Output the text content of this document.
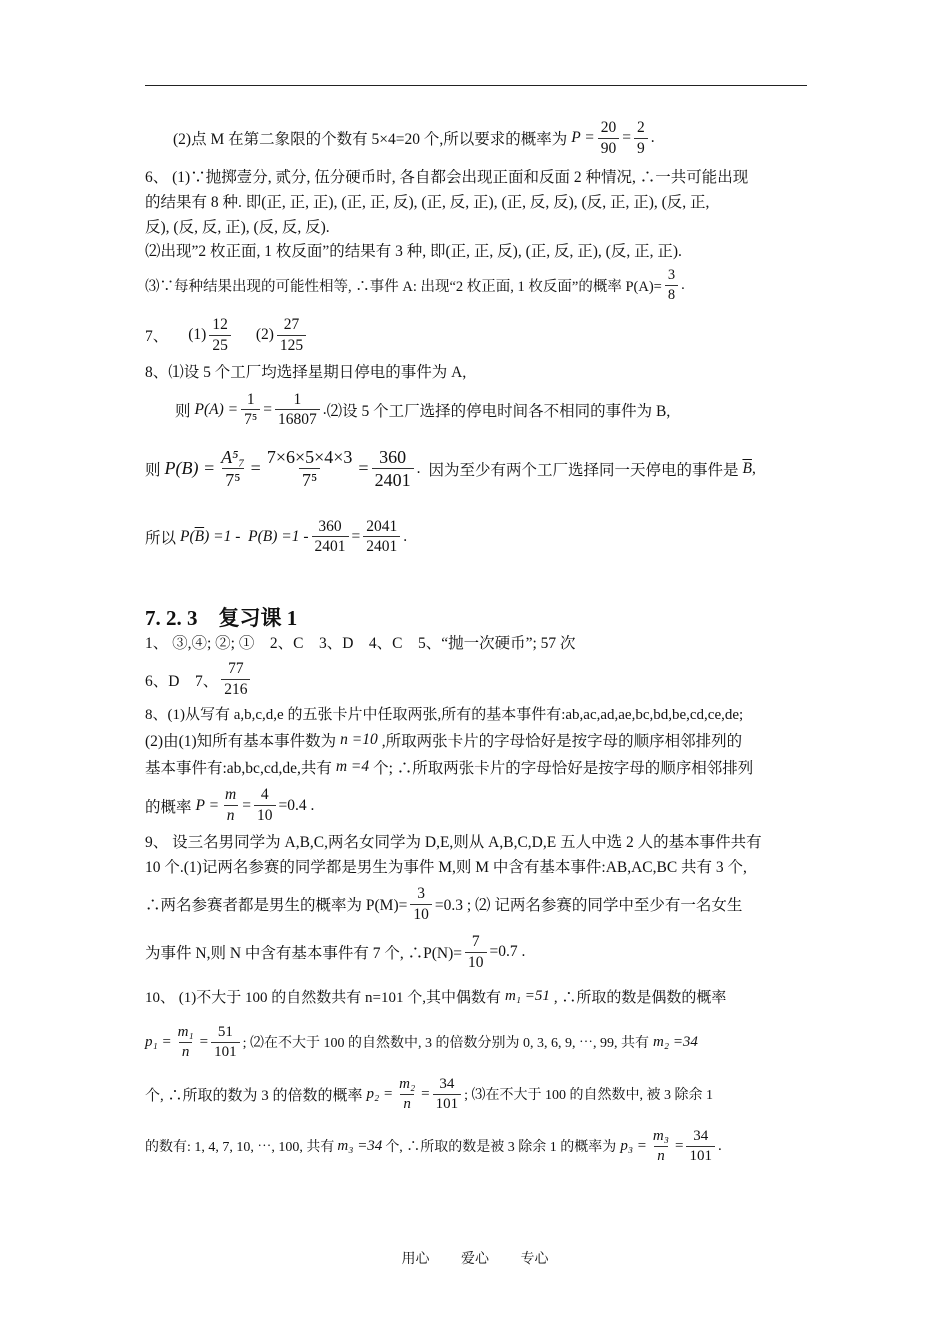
(2)点 M 在第二象限的个数有 5×4=20 个,所以要求的概率为 $P = \frac{20}{90} = \frac{2}{9}$ .

6、 (1)∵抛掷壹分, 贰分, 伍分硬币时, 各自都会出现正面和反面 2 种情况, ∴一共可能出现

的结果有 8 种. 即(正, 正, 正), (正, 正, 反), (正, 反, 正), (正, 反, 反), (反, 正, 正), (反, 正,

反), (反, 反, 正), (反, 反, 反).

⑵出现”2 枚正面, 1 枚反面”的结果有 3 种, 即(正, 正, 反), (正, 反, 正), (反, 正, 正).

⑶∵每种结果出现的可能性相等, ∴事件 A: 出现“2 枚正面, 1 枚反面”的概率 $P(A)= \frac{3}{8}$ .
7、 $(1) \frac{12}{25} (2) \frac{27}{125}$

8、⑴设 5 个工厂均选择星期日停电的事件为 A,

则 $P(A) = \frac{1}{\text{7⁵}} = \frac{1}{16807}$ . ⑵设 5 个工厂选择的停电时间各不相同的事件为 B,
则 $P(B) = \frac{\text{A⁵₇}}{\text{7⁵}} = \frac{7\times 6\times 5\times 4\times 3}{\text{7⁵}} = \frac{360}{2401}$ . 因为至少有两个工厂选择同一天停电的事件是 $\overline{B}$ ,
所以 P( $\overline{B}$ ) $=1 - P(B) =1 - \frac{360}{2401} = \frac{2041}{2401}$ .

7. 2. 3　复习课 1

1、 ③,④; ②; ①　2、C　3、D　4、C　5、“抛一次硬币”; 57 次

6、D　7、 $\frac{77}{216}$

8、(1)从写有 a,b,c,d,e 的五张卡片中任取两张,所有的基本事件有:ab,ac,ad,ae,bc,bd,be,cd,ce,de;

(2)由(1)知所有基本事件数为 n =10 ,所取两张卡片的字母恰好是按字母的顺序相邻排列的
基本事件有:ab,bc,cd,de,共有 m =4 个; ∴所取两张卡片的字母恰好是按字母的顺序相邻排列
的概率 $P = \frac{m}{n} = \frac{4}{10} =0.4$ .

9、 设三名男同学为 A,B,C,两名女同学为 D,E,则从 A,B,C,D,E 五人中选 2 人的基本事件共有

10 个.(1)记两名参赛的同学都是男生为事件 M,则 M 中含有基本事件:AB,AC,BC 共有 3 个,

∴两名参赛者都是男生的概率为 $P(M)= \frac{3}{10} =0.3$ ; ⑵ 记两名参赛的同学中至少有一名女生
为事件 N,则 N 中含有基本事件有 7 个, ∴P(N)= $\frac{7}{10} =0.7$ .
10、 (1)不大于 100 的自然数共有 n=101 个,其中偶数有 m₁ =51 , ∴所取的数是偶数的概率
$p_1 = \frac{\text{m₁}}{n} = \frac{51}{101}$ ; ⑵在不大于 100 的自然数中, 3 的倍数分别为 0, 3, 6, 9, ⋯, 99, 共有 m₂ =34
个, ∴所取的数为 3 的倍数的概率 $p_2 = \frac{\text{m₂}}{n} = \frac{34}{101}$ ; ⑶在不大于 100 的自然数中, 被 3 除余 1
的数有: 1, 4, 7, 10, ⋯, 100, 共有 m₃ =34 个, ∴所取的数是被 3 除余 1 的概率为 $p_3 = \frac{\text{m₃}}{n} = \frac{34}{101}$ .
用心 爱心 专心
